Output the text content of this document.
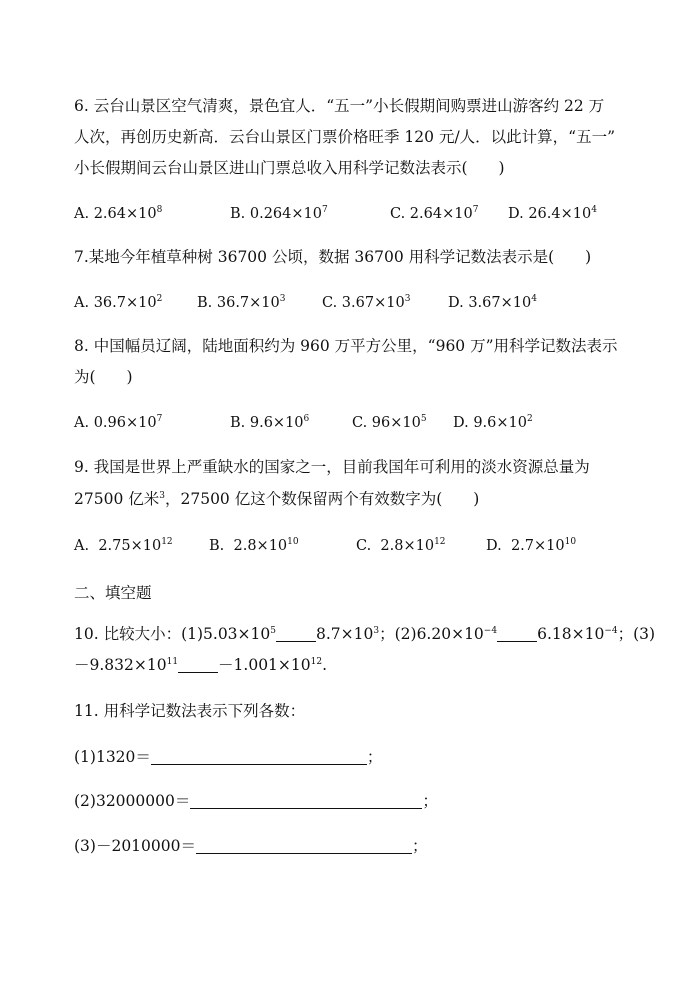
6. 云台山景区空气清爽，景色宜人．“五一”小长假期间购票进山游客约 22 万
人次，再创历史新高．云台山景区门票价格旺季 120 元/人．以此计算，“五一”
小长假期间云台山景区进山门票总收入用科学记数法表示(　　)
A. $2.64\times 10^8$	B. $0.264\times 10^7$	C. $2.64\times 10^7$ D. $26.4\times 10^4$
7.某地今年植草种树 36700 公顷，数据 36700 用科学记数法表示是(　　)
A. $36.7\times 10^2$ B. $36.7\times 10^3$	C. $3.67\times 10^3$	D. $3.67\times 10^4$
8. 中国幅员辽阔，陆地面积约为 960 万平方公里，“960 万”用科学记数法表示
为(　　)
A. $0.96\times 10^7$	B. $9.6\times 10^6$	C. $96\times 10^5$ D. $9.6\times 10^2$
9. 我国是世界上严重缺水的国家之一，目前我国年可利用的淡水资源总量为
27500 亿米$^3$，27500 亿这个数保留两个有效数字为(　　)
A. $2.75\times 10^{12}$	B. $2.8\times 10^{10}$	C. $2.8\times 10^{12}$	D. $2.7\times 10^{10}$
二、填空题
10. 比较大小：$(1)5.03\times 10^5$	$8.7\times 10^3$；$(2)6.20\times 10^{-4}$	$6.18\times 10^{-4}$；(3)
$-9.832\times 10^{11}$	$-1.001\times 10^{12}$.
11. 用科学记数法表示下列各数：
(1)1320＝	；
(2)32000000＝	；
(3)－2010000＝	；
